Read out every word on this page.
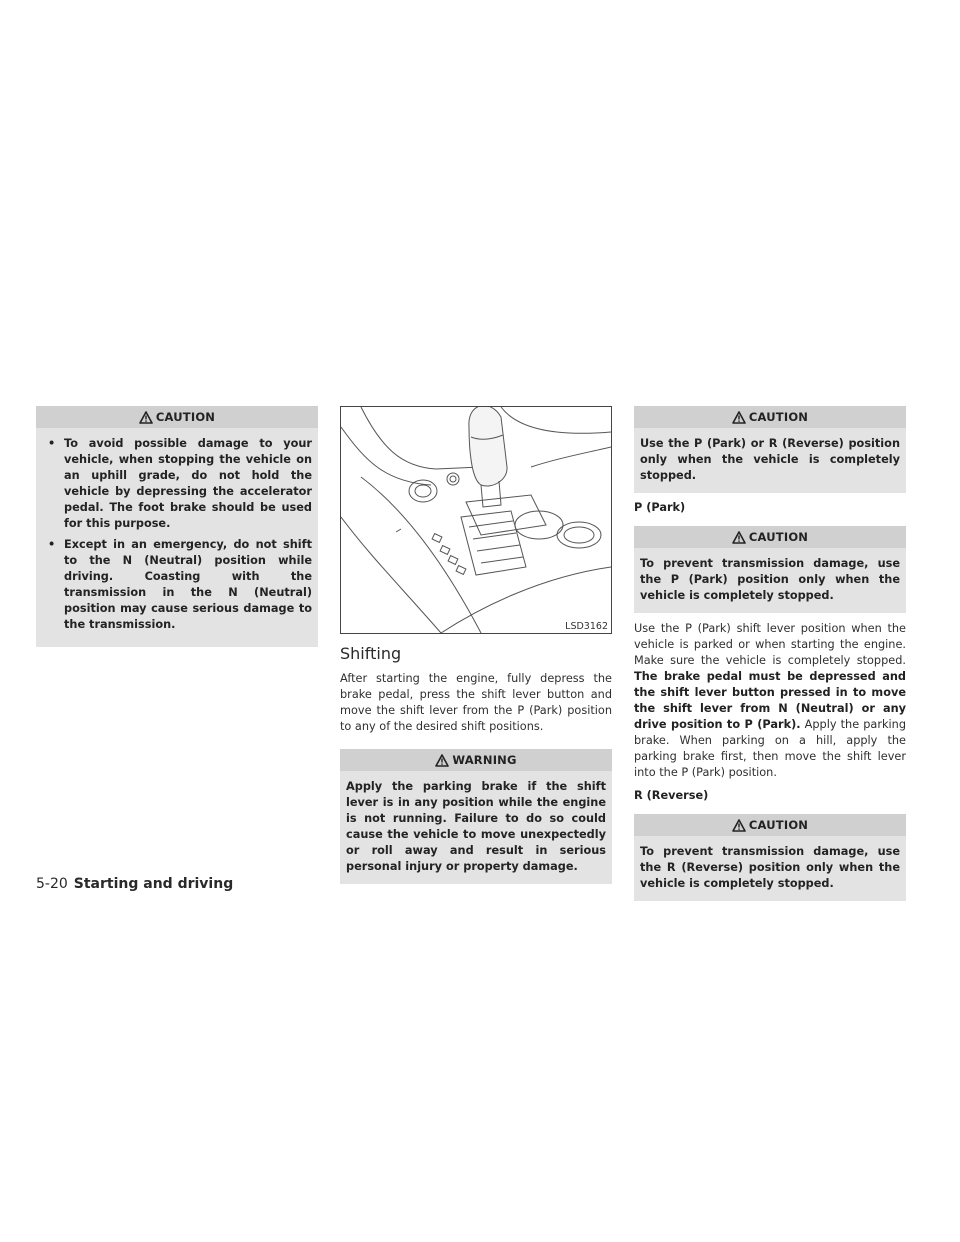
CAUTION
• To avoid possible damage to your vehicle, when stopping the vehicle on an uphill grade, do not hold the vehicle by depressing the accelerator pedal. The foot brake should be used for this purpose.
• Except in an emergency, do not shift to the N (Neutral) position while driving. Coasting with the transmission in the N (Neutral) position may cause serious damage to the transmission.	LSD3162
Shifting

After starting the engine, fully depress the brake pedal, press the shift lever button and move the shift lever from the P (Park) position to any of the desired shift positions.

WARNING
Apply the parking brake if the shift lever is in any position while the engine is not running. Failure to do so could cause the vehicle to move unexpectedly or roll away and result in serious personal injury or property damage.
CAUTION
Use the P (Park) or R (Reverse) position only when the vehicle is completely stopped.
P (Park)
CAUTION
To prevent transmission damage, use the P (Park) position only when the vehicle is completely stopped.

Use the P (Park) shift lever position when the vehicle is parked or when starting the engine. Make sure the vehicle is completely stopped. The brake pedal must be depressed and the shift lever button pressed in to move the shift lever from N (Neutral) or any drive position to P (Park). Apply the parking brake. When parking on a hill, apply the parking brake first, then move the shift lever into the P (Park) position.

R (Reverse)
CAUTION
To prevent transmission damage, use the R (Reverse) position only when the vehicle is completely stopped.
5-20 Starting and driving
